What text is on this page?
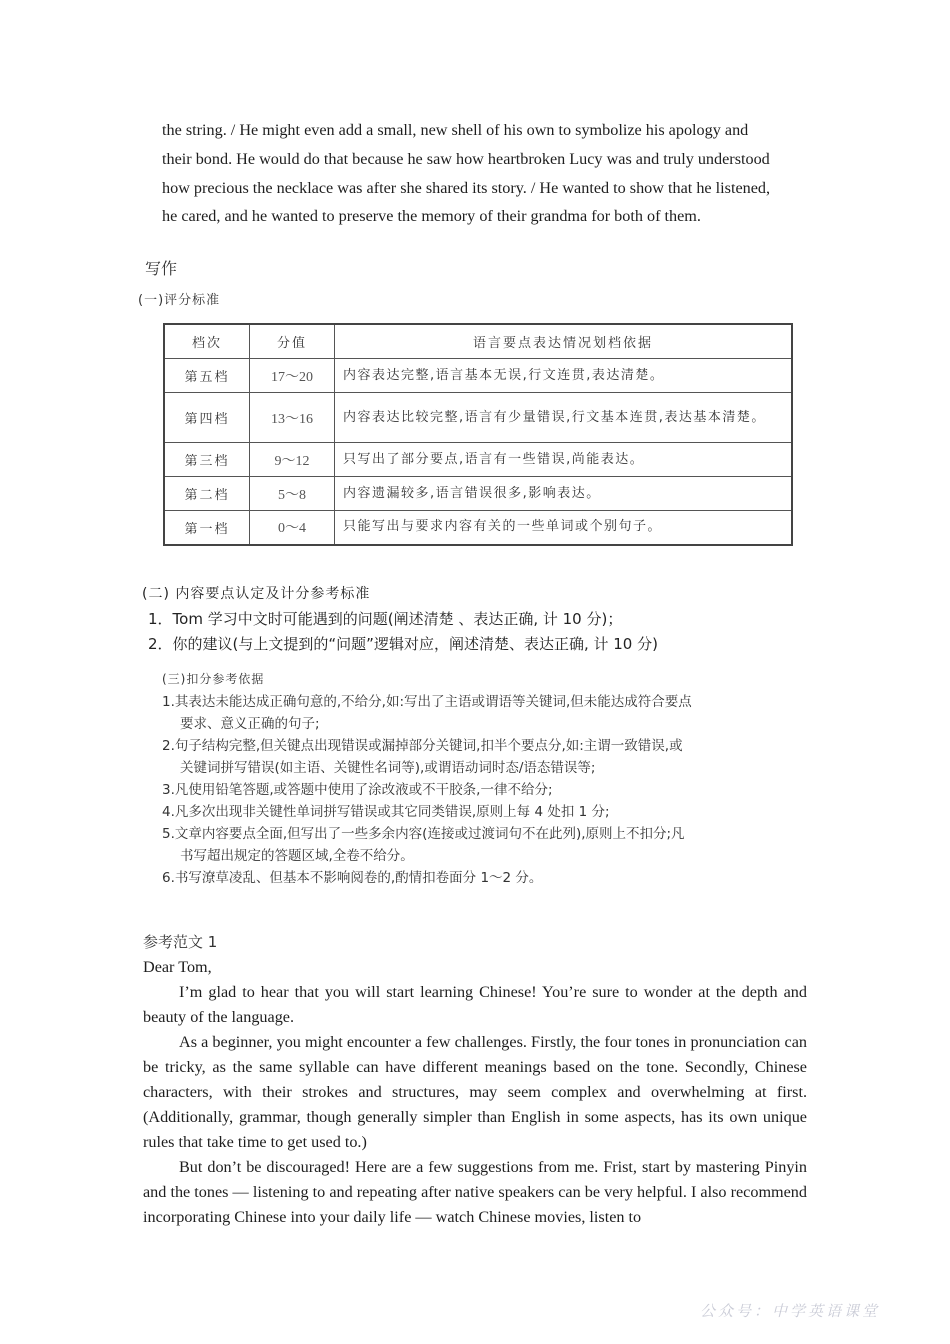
the string. / He might even add a small, new shell of his own to symbolize his apology and

their bond. He would do that because he saw how heartbroken Lucy was and truly understood

how precious the necklace was after she shared its story. / He wanted to show that he listened,

he cared, and he wanted to preserve the memory of their grandma for both of them.

写作
(一)评分标准
档次	分值	语言要点表达情况划档依据
第五档	17～20	内容表达完整,语言基本无误,行文连贯,表达清楚。
第四档	13～16	内容表达比较完整,语言有少量错误,行文基本连贯,表达基本清楚。
第三档	9～12	只写出了部分要点,语言有一些错误,尚能表达。
第二档	5～8	内容遗漏较多,语言错误很多,影响表达。
第一档	0～4	只能写出与要求内容有关的一些单词或个别句子。
(二) 内容要点认定及计分参考标准
1．Tom 学习中文时可能遇到的问题(阐述清楚 、表达正确, 计 10 分)；
2．你的建议(与上文提到的“问题”逻辑对应，阐述清楚、表达正确, 计 10 分)
(三)扣分参考依据
1.其表达未能达成正确句意的,不给分,如:写出了主语或谓语等关键词,但未能达成符合要点
要求、意义正确的句子;
2.句子结构完整,但关键点出现错误或漏掉部分关键词,扣半个要点分,如:主谓一致错误,或
关键词拼写错误(如主语、关键性名词等),或谓语动词时态/语态错误等;
3.凡使用铅笔答题,或答题中使用了涂改液或不干胶条,一律不给分;
4.凡多次出现非关键性单词拼写错误或其它同类错误,原则上每 4 处扣 1 分;
5.文章内容要点全面,但写出了一些多余内容(连接或过渡词句不在此列),原则上不扣分;凡
书写超出规定的答题区域,全卷不给分。
6.书写潦草凌乱、但基本不影响阅卷的,酌情扣卷面分 1～2 分。
参考范文 1

Dear Tom,

I’m glad to hear that you will start learning Chinese! You’re sure to wonder at the depth and beauty of the language.

As a beginner, you might encounter a few challenges. Firstly, the four tones in pronunciation can be tricky, as the same syllable can have different meanings based on the tone. Secondly, Chinese characters, with their strokes and structures, may seem complex and overwhelming at first. (Additionally, grammar, though generally simpler than English in some aspects, has its own unique rules that take time to get used to.)

But don’t be discouraged! Here are a few suggestions from me. Frist, start by mastering Pinyin and the tones — listening to and repeating after native speakers can be very helpful. I also recommend incorporating Chinese into your daily life — watch Chinese movies, listen to

公众号：中学英语课堂
